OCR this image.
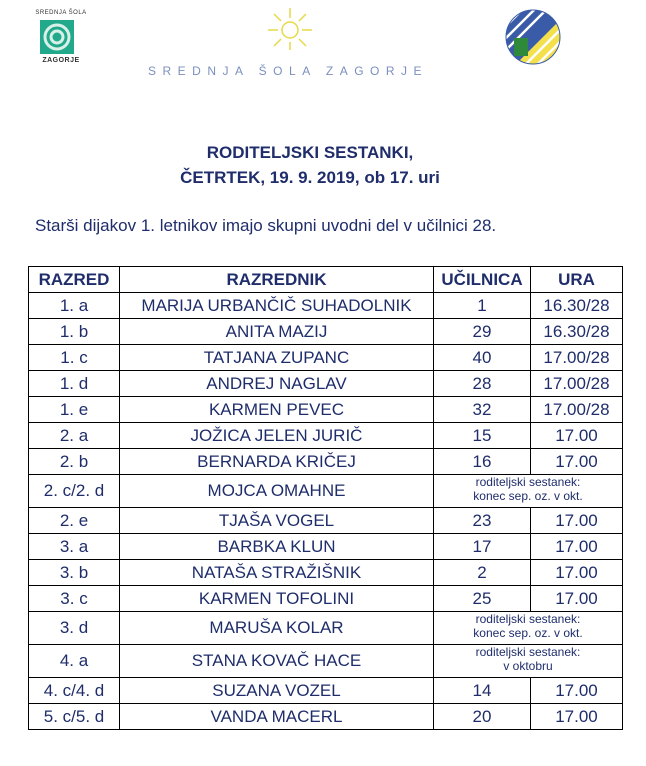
SREDNJA ŠOLA
ZAGORJE
SREDNJA ŠOLA ZAGORJE
RODITELJSKI SESTANKI,
ČETRTEK, 19. 9. 2019, ob 17. uri
Starši dijakov 1. letnikov imajo skupni uvodni del v učilnici 28.
RAZRED	RAZREDNIK	UČILNICA	URA
1. a	MARIJA URBANČIČ SUHADOLNIK	1	16.30/28
1. b	ANITA MAZIJ	29	16.30/28
1. c	TATJANA ZUPANC	40	17.00/28
1. d	ANDREJ NAGLAV	28	17.00/28
1. e	KARMEN PEVEC	32	17.00/28
2. a	JOŽICA JELEN JURIČ	15	17.00
2. b	BERNARDA KRIČEJ	16	17.00
2. c/2. d	MOJCA OMAHNE	roditeljski sestanek:
konec sep. oz. v okt.	

2. e	TJAŠA VOGEL	23	17.00
3. a	BARBKA KLUN	17	17.00
3. b	NATAŠA STRAŽIŠNIK	2	17.00
3. c	KARMEN TOFOLINI	25	17.00
3. d	MARUŠA KOLAR	roditeljski sestanek:
konec sep. oz. v okt.	

4. a	STANA KOVAČ HACE	roditeljski sestanek:
v oktobru	

4. c/4. d	SUZANA VOZEL	14	17.00
5. c/5. d	VANDA MACERL	20	17.00
